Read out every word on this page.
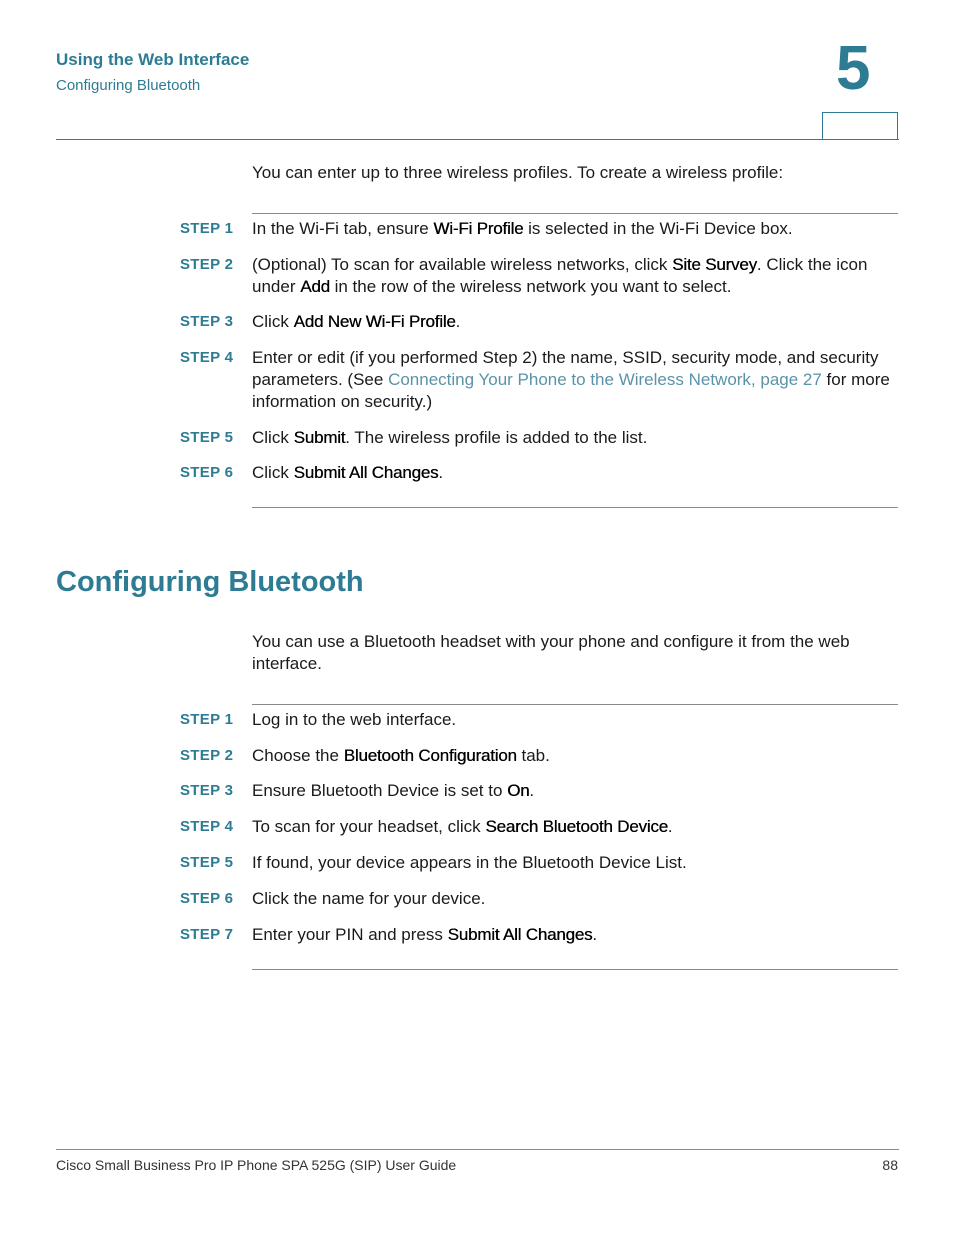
Using the Web Interface
Configuring Bluetooth	5
You can enter up to three wireless profiles. To create a wireless profile:
STEP 1 In the Wi-Fi tab, ensure Wi-Fi Profile is selected in the Wi-Fi Device box.
STEP 2 (Optional) To scan for available wireless networks, click Site Survey. Click the icon under Add in the row of the wireless network you want to select.
STEP 3 Click Add New Wi-Fi Profile.
STEP 4 Enter or edit (if you performed Step 2) the name, SSID, security mode, and security parameters. (See Connecting Your Phone to the Wireless Network, page 27 for more information on security.)
STEP 5 Click Submit. The wireless profile is added to the list.
STEP 6 Click Submit All Changes.
Configuring Bluetooth
You can use a Bluetooth headset with your phone and configure it from the web interface.
STEP 1 Log in to the web interface.
STEP 2 Choose the Bluetooth Configuration tab.
STEP 3 Ensure Bluetooth Device is set to On.
STEP 4 To scan for your headset, click Search Bluetooth Device.
STEP 5 If found, your device appears in the Bluetooth Device List.
STEP 6 Click the name for your device.
STEP 7 Enter your PIN and press Submit All Changes.
Cisco Small Business Pro IP Phone SPA 525G (SIP) User Guide	88
